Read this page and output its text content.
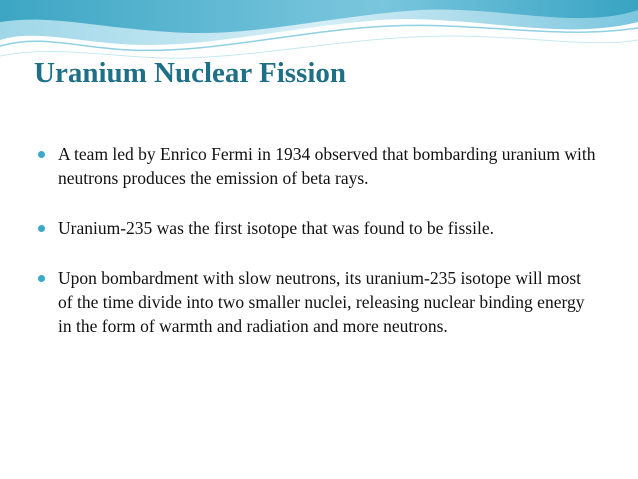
Uranium Nuclear Fission
A team led by Enrico Fermi in 1934 observed that bombarding uranium with neutrons produces the emission of beta rays.
Uranium-235 was the first isotope that was found to be fissile.
Upon bombardment with slow neutrons, its uranium-235 isotope will most of the time divide into two smaller nuclei, releasing nuclear binding energy in the form of warmth and radiation and more neutrons.
